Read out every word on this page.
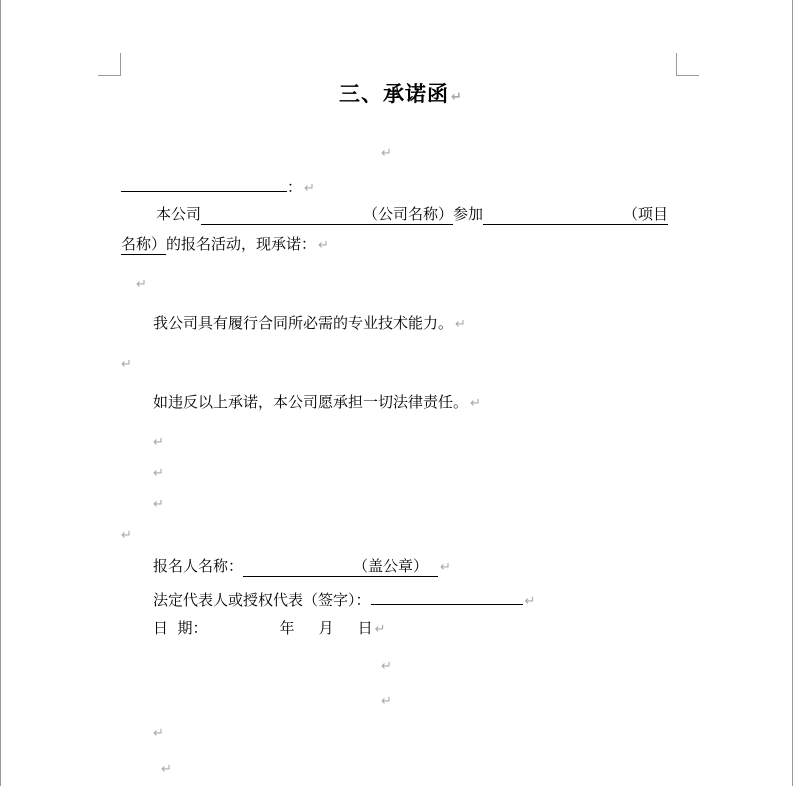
三、承诺函 ↵
↵
： ↵
本公司	（公司名称）参加	（项目
名称）的报名活动，现承诺： ↵
↵
我公司具有履行合同所必需的专业技术能力。 ↵
↵
如违反以上承诺，本公司愿承担一切法律责任。 ↵
↵
↵
↵
↵
报名人名称：	（盖公章） ↵
法定代表人或授权代表（签字）：	↵
日  期：	年 月 日 ↵
↵
↵
↵
↵
